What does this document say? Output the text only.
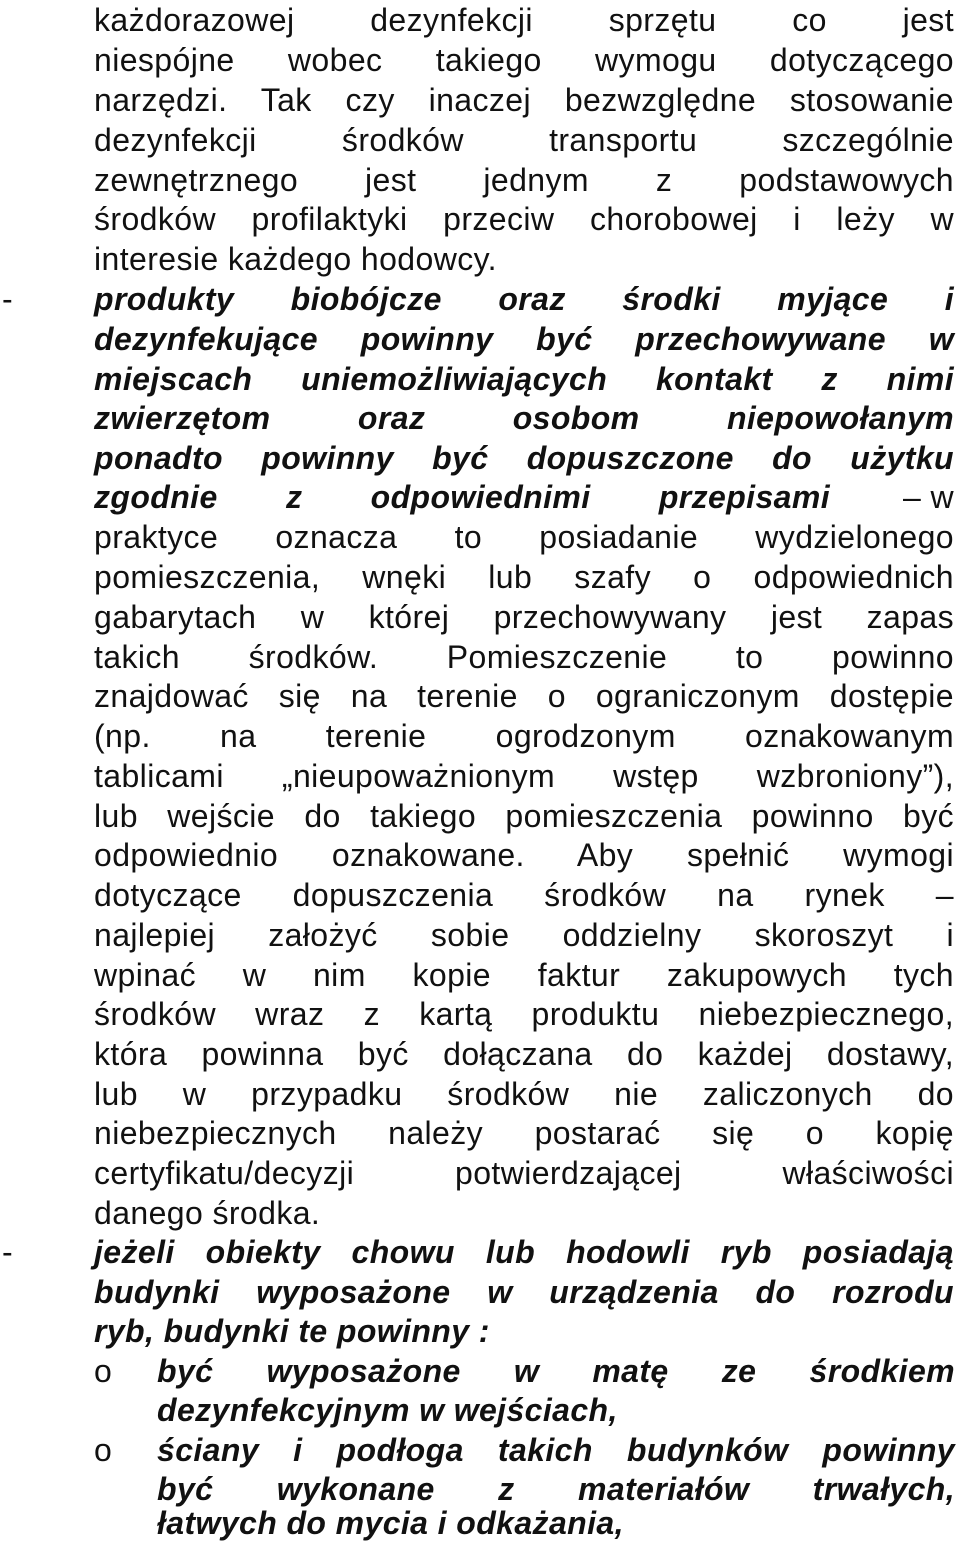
każdorazowej dezynfekcji sprzętu co jest
niespójne wobec takiego wymogu dotyczącego
narzędzi. Tak czy inaczej bezwzględne stosowanie
dezynfekcji środków transportu szczególnie
zewnętrznego jest jednym z podstawowych
środków profilaktyki przeciw chorobowej i leży w
interesie każdego hodowcy.
-	produkty biobójcze oraz środki myjące i
dezynfekujące powinny być przechowywane w
miejscach uniemożliwiających kontakt z nimi
zwierzętom oraz osobom niepowołanym
ponadto powinny być dopuszczone do użytku
zgodnie z odpowiednimi przepisami – w
praktyce oznacza to posiadanie wydzielonego
pomieszczenia, wnęki lub szafy o odpowiednich
gabarytach w której przechowywany jest zapas
takich środków. Pomieszczenie to powinno
znajdować się na terenie o ograniczonym dostępie
(np. na terenie ogrodzonym oznakowanym
tablicami „nieupoważnionym wstęp wzbroniony”),
lub wejście do takiego pomieszczenia powinno być
odpowiednio oznakowane. Aby spełnić wymogi
dotyczące dopuszczenia środków na rynek –
najlepiej założyć sobie oddzielny skoroszyt i
wpinać w nim kopie faktur zakupowych tych
środków wraz z kartą produktu niebezpiecznego,
która powinna być dołączana do każdej dostawy,
lub w przypadku środków nie zaliczonych do
niebezpiecznych należy postarać się o kopię
certyfikatu/decyzji potwierdzającej właściwości
danego środka.
-	jeżeli obiekty chowu lub hodowli ryb posiadają
budynki wyposażone w urządzenia do rozrodu
ryb, budynki te powinny :
o	być wyposażone w matę ze środkiem
dezynfekcyjnym w wejściach,
o	ściany i podłoga takich budynków powinny
być wykonane z materiałów trwałych,
łatwych do mycia i odkażania,
